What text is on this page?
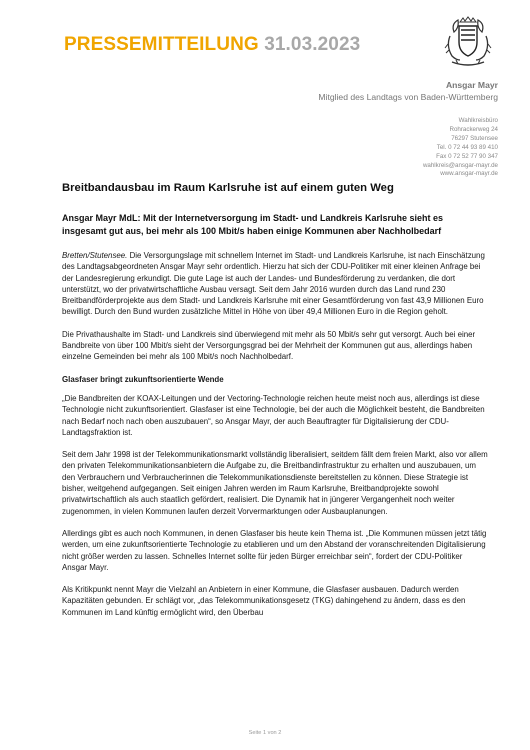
PRESSEMITTEILUNG 31.03.2023
Ansgar Mayr
Mitglied des Landtags von Baden-Württemberg
Wahlkreisbüro
Rohrackerweg 24
76297 Stutensee
Tel. 0 72 44 93 89 410
Fax 0 72 52 77 90 347
wahlkreis@ansgar-mayr.de
www.ansgar-mayr.de
Breitbandausbau im Raum Karlsruhe ist auf einem guten Weg
Ansgar Mayr MdL: Mit der Internetversorgung im Stadt- und Landkreis Karlsruhe sieht es insgesamt gut aus, bei mehr als 100 Mbit/s haben einige Kommunen aber Nachholbedarf

Bretten/Stutensee. Die Versorgungslage mit schnellem Internet im Stadt- und Landkreis Karlsruhe, ist nach Einschätzung des Landtagsabgeordneten Ansgar Mayr sehr ordentlich. Hierzu hat sich der CDU-Politiker mit einer kleinen Anfrage bei der Landesregierung erkundigt. Die gute Lage ist auch der Landes- und Bundesförderung zu verdanken, die dort unterstützt, wo der privatwirtschaftliche Ausbau versagt. Seit dem Jahr 2016 wurden durch das Land rund 230 Breitbandförderprojekte aus dem Stadt- und Landkreis Karlsruhe mit einer Gesamtförderung von fast 43,9 Millionen Euro bewilligt. Durch den Bund wurden zusätzliche Mittel in Höhe von über 49,4 Millionen Euro in die Region geholt.

Die Privathaushalte im Stadt- und Landkreis sind überwiegend mit mehr als 50 Mbit/s sehr gut versorgt. Auch bei einer Bandbreite von über 100 Mbit/s sieht der Versorgungsgrad bei der Mehrheit der Kommunen gut aus, allerdings haben einzelne Gemeinden bei mehr als 100 Mbit/s noch Nachholbedarf.

Glasfaser bringt zukunftsorientierte Wende

„Die Bandbreiten der KOAX-Leitungen und der Vectoring-Technologie reichen heute meist noch aus, allerdings ist diese Technologie nicht zukunftsorientiert. Glasfaser ist eine Technologie, bei der auch die Möglichkeit besteht, die Bandbreiten nach Bedarf noch nach oben auszubauen“, so Ansgar Mayr, der auch Beauftragter für Digitalisierung der CDU-Landtagsfraktion ist.

Seit dem Jahr 1998 ist der Telekommunikationsmarkt vollständig liberalisiert, seitdem fällt dem freien Markt, also vor allem den privaten Telekommunikationsanbietern die Aufgabe zu, die Breitbandinfrastruktur zu erhalten und auszubauen, um den Verbrauchern und Verbraucherinnen die Telekommunikationsdienste bereitstellen zu können. Diese Strategie ist bisher, weitgehend aufgegangen. Seit einigen Jahren werden im Raum Karlsruhe, Breitbandprojekte sowohl privatwirtschaftlich als auch staatlich gefördert, realisiert. Die Dynamik hat in jüngerer Vergangenheit noch weiter zugenommen, in vielen Kommunen laufen derzeit Vorvermarktungen oder Ausbauplanungen.

Allerdings gibt es auch noch Kommunen, in denen Glasfaser bis heute kein Thema ist. „Die Kommunen müssen jetzt tätig werden, um eine zukunftsorientierte Technologie zu etablieren und um den Abstand der voranschreitenden Digitalisierung nicht größer werden zu lassen. Schnelles Internet sollte für jeden Bürger erreichbar sein“, fordert der CDU-Politiker Ansgar Mayr.

Als Kritikpunkt nennt Mayr die Vielzahl an Anbietern in einer Kommune, die Glasfaser ausbauen. Dadurch werden Kapazitäten gebunden. Er schlägt vor, „das Telekommunikationsgesetz (TKG) dahingehend zu ändern, dass es den Kommunen im Land künftig ermöglicht wird, den Überbau

Seite 1 von 2
